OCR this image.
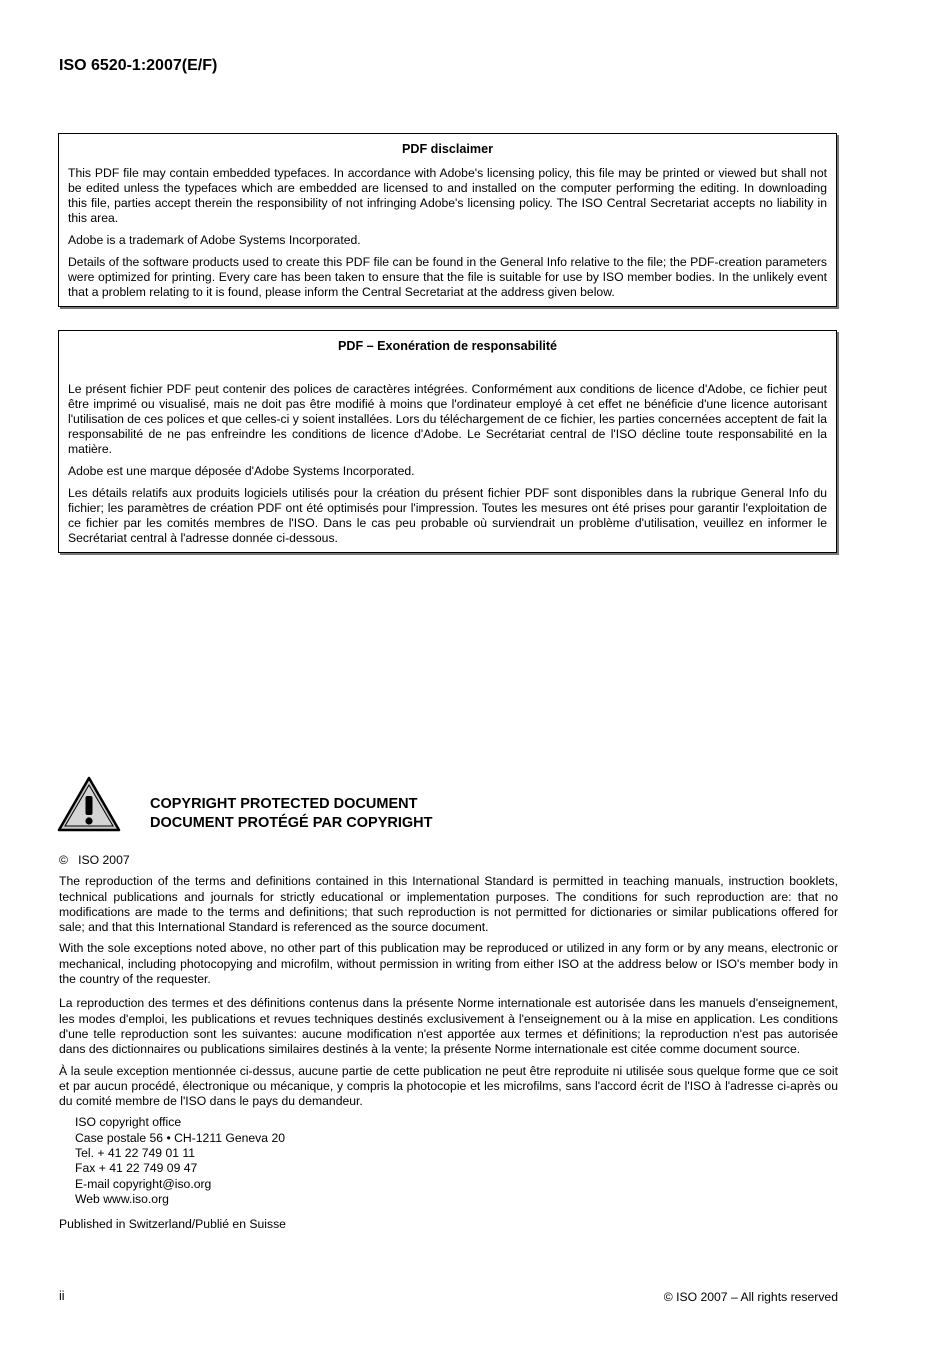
ISO 6520-1:2007(E/F)
PDF disclaimer

This PDF file may contain embedded typefaces. In accordance with Adobe's licensing policy, this file may be printed or viewed but shall not be edited unless the typefaces which are embedded are licensed to and installed on the computer performing the editing. In downloading this file, parties accept therein the responsibility of not infringing Adobe's licensing policy. The ISO Central Secretariat accepts no liability in this area.

Adobe is a trademark of Adobe Systems Incorporated.

Details of the software products used to create this PDF file can be found in the General Info relative to the file; the PDF-creation parameters were optimized for printing. Every care has been taken to ensure that the file is suitable for use by ISO member bodies. In the unlikely event that a problem relating to it is found, please inform the Central Secretariat at the address given below.

PDF – Exonération de responsabilité

Le présent fichier PDF peut contenir des polices de caractères intégrées. Conformément aux conditions de licence d'Adobe, ce fichier peut être imprimé ou visualisé, mais ne doit pas être modifié à moins que l'ordinateur employé à cet effet ne bénéficie d'une licence autorisant l'utilisation de ces polices et que celles-ci y soient installées. Lors du téléchargement de ce fichier, les parties concernées acceptent de fait la responsabilité de ne pas enfreindre les conditions de licence d'Adobe. Le Secrétariat central de l'ISO décline toute responsabilité en la matière.

Adobe est une marque déposée d'Adobe Systems Incorporated.

Les détails relatifs aux produits logiciels utilisés pour la création du présent fichier PDF sont disponibles dans la rubrique General Info du fichier; les paramètres de création PDF ont été optimisés pour l'impression. Toutes les mesures ont été prises pour garantir l'exploitation de ce fichier par les comités membres de l'ISO. Dans le cas peu probable où surviendrait un problème d'utilisation, veuillez en informer le Secrétariat central à l'adresse donnée ci-dessous.

COPYRIGHT PROTECTED DOCUMENT
DOCUMENT PROTÉGÉ PAR COPYRIGHT

©   ISO 2007

The reproduction of the terms and definitions contained in this International Standard is permitted in teaching manuals, instruction booklets, technical publications and journals for strictly educational or implementation purposes. The conditions for such reproduction are: that no modifications are made to the terms and definitions; that such reproduction is not permitted for dictionaries or similar publications offered for sale; and that this International Standard is referenced as the source document.

With the sole exceptions noted above, no other part of this publication may be reproduced or utilized in any form or by any means, electronic or mechanical, including photocopying and microfilm, without permission in writing from either ISO at the address below or ISO's member body in the country of the requester.

La reproduction des termes et des définitions contenus dans la présente Norme internationale est autorisée dans les manuels d'enseignement, les modes d'emploi, les publications et revues techniques destinés exclusivement à l'enseignement ou à la mise en application. Les conditions d'une telle reproduction sont les suivantes: aucune modification n'est apportée aux termes et définitions; la reproduction n'est pas autorisée dans des dictionnaires ou publications similaires destinés à la vente; la présente Norme internationale est citée comme document source.

À la seule exception mentionnée ci-dessus, aucune partie de cette publication ne peut être reproduite ni utilisée sous quelque forme que ce soit et par aucun procédé, électronique ou mécanique, y compris la photocopie et les microfilms, sans l'accord écrit de l'ISO à l'adresse ci-après ou du comité membre de l'ISO dans le pays du demandeur.

ISO copyright office
Case postale 56 • CH-1211 Geneva 20
Tel. + 41 22 749 01 11
Fax + 41 22 749 09 47
E-mail copyright@iso.org
Web www.iso.org
Published in Switzerland/Publié en Suisse
ii	© ISO 2007 – All rights reserved
